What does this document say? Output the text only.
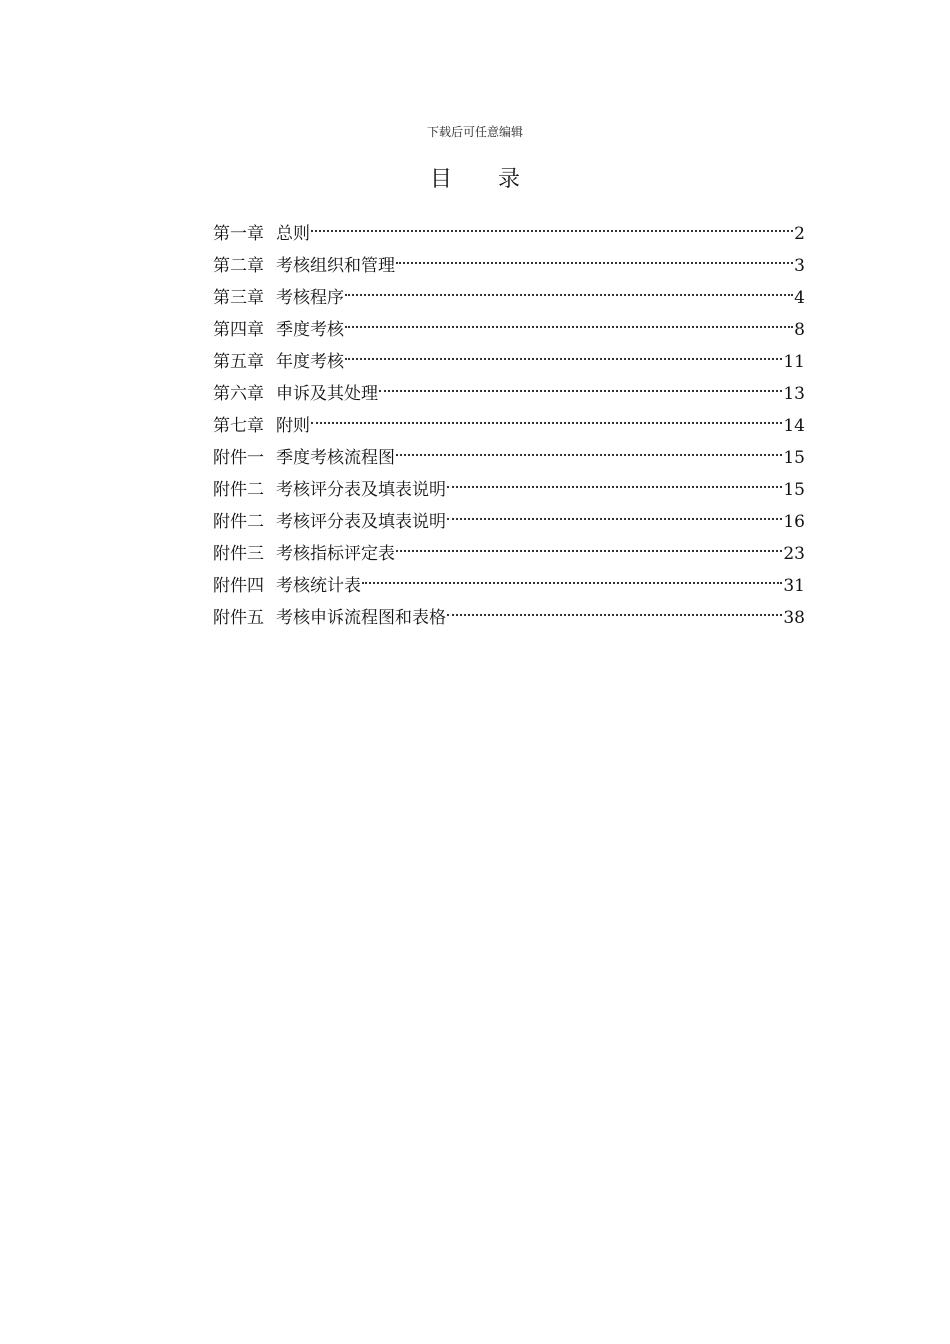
下载后可任意编辑
目 录
第一章 总则	2
第二章 考核组织和管理	3
第三章 考核程序	4
第四章 季度考核	8
第五章 年度考核	11
第六章 申诉及其处理	13
第七章 附则	14
附件一 季度考核流程图	15
附件二 考核评分表及填表说明	15
附件二 考核评分表及填表说明	16
附件三 考核指标评定表	23
附件四 考核统计表	31
附件五 考核申诉流程图和表格	38
